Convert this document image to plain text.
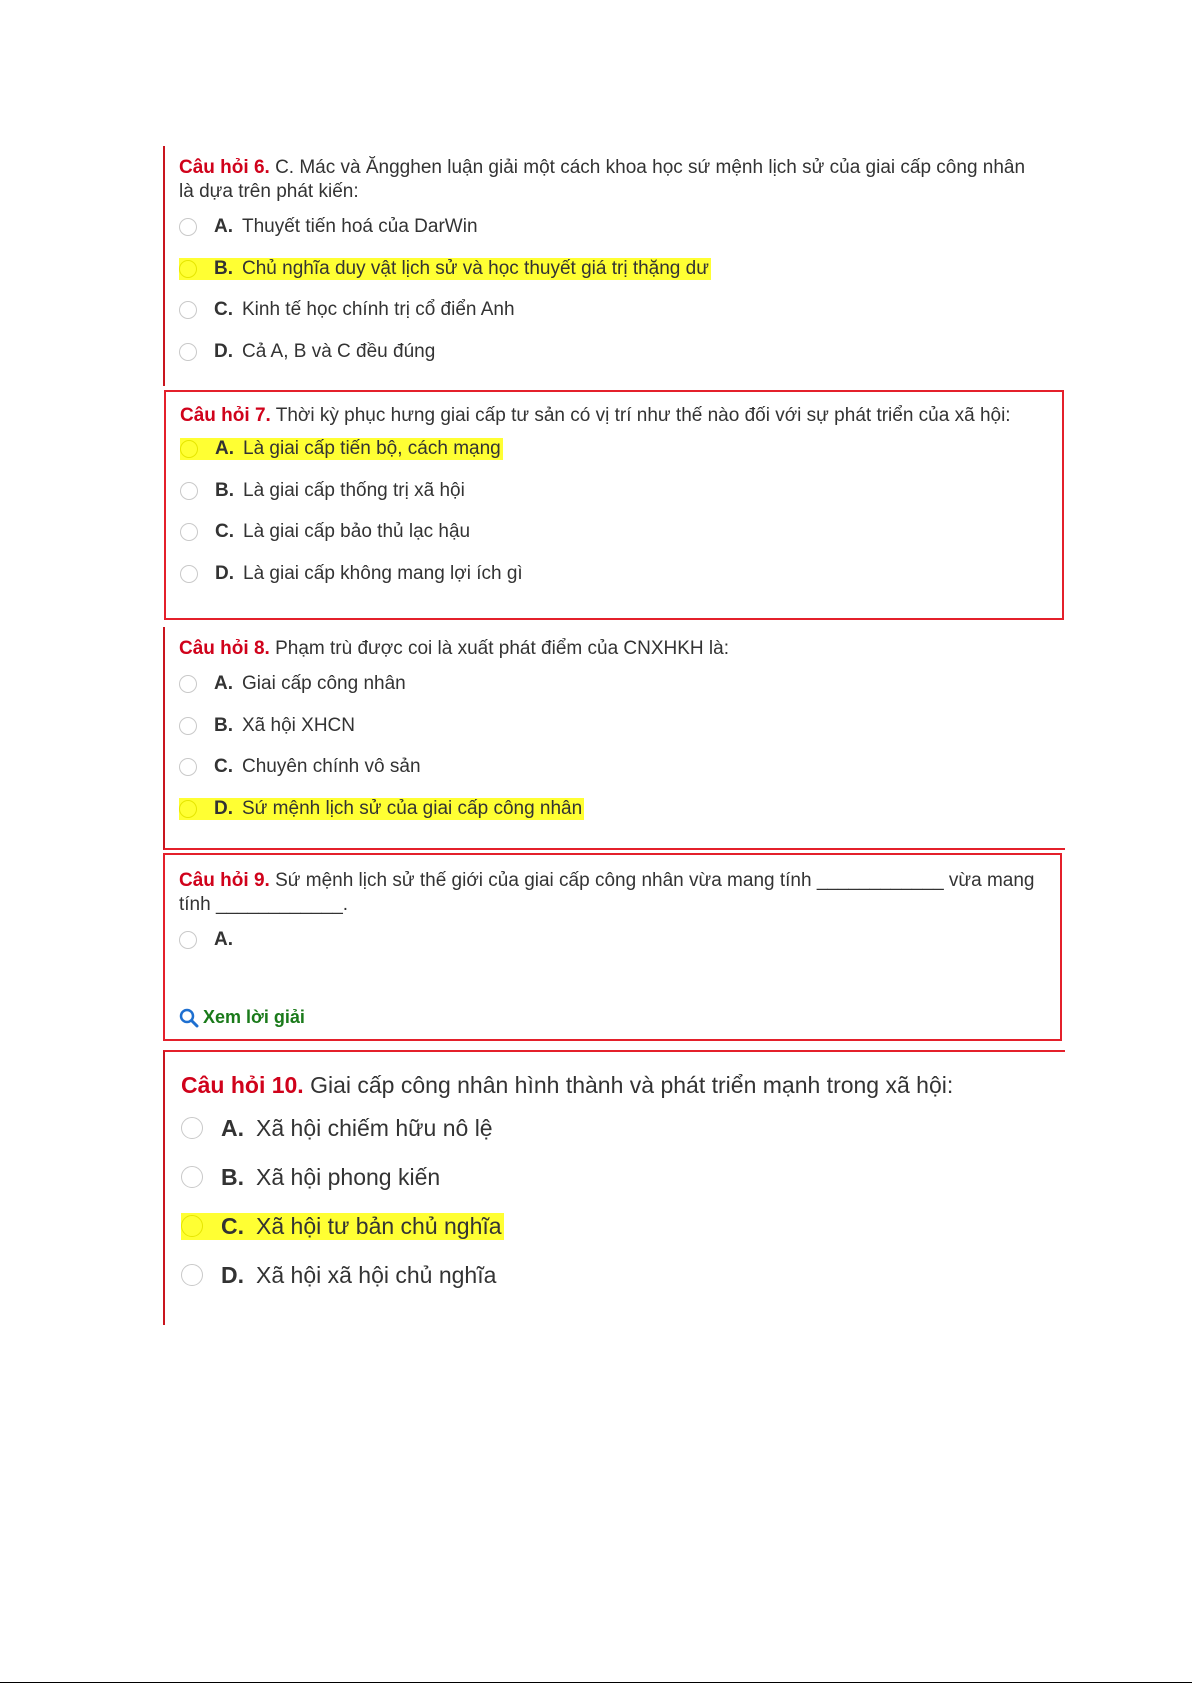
Câu hỏi 6. C. Mác và Ăngghen luận giải một cách khoa học sứ mệnh lịch sử của giai cấp công nhân là dựa trên phát kiến:

A. Thuyết tiến hoá của DarWin
B. Chủ nghĩa duy vật lịch sử và học thuyết giá trị thặng dư
C. Kinh tế học chính trị cổ điển Anh
D. Cả A, B và C đều đúng

Câu hỏi 7. Thời kỳ phục hưng giai cấp tư sản có vị trí như thế nào đối với sự phát triển của xã hội:

A. Là giai cấp tiến bộ, cách mạng
B. Là giai cấp thống trị xã hội
C. Là giai cấp bảo thủ lạc hậu
D. Là giai cấp không mang lợi ích gì

Câu hỏi 8. Phạm trù được coi là xuất phát điểm của CNXHKH là:

A. Giai cấp công nhân
B. Xã hội XHCN
C. Chuyên chính vô sản
D. Sứ mệnh lịch sử của giai cấp công nhân

Câu hỏi 9. Sứ mệnh lịch sử thế giới của giai cấp công nhân vừa mang tính ____________ vừa mang tính ____________.

A.
Xem lời giải

Câu hỏi 10. Giai cấp công nhân hình thành và phát triển mạnh trong xã hội:

A. Xã hội chiếm hữu nô lệ
B. Xã hội phong kiến
C. Xã hội tư bản chủ nghĩa
D. Xã hội xã hội chủ nghĩa
